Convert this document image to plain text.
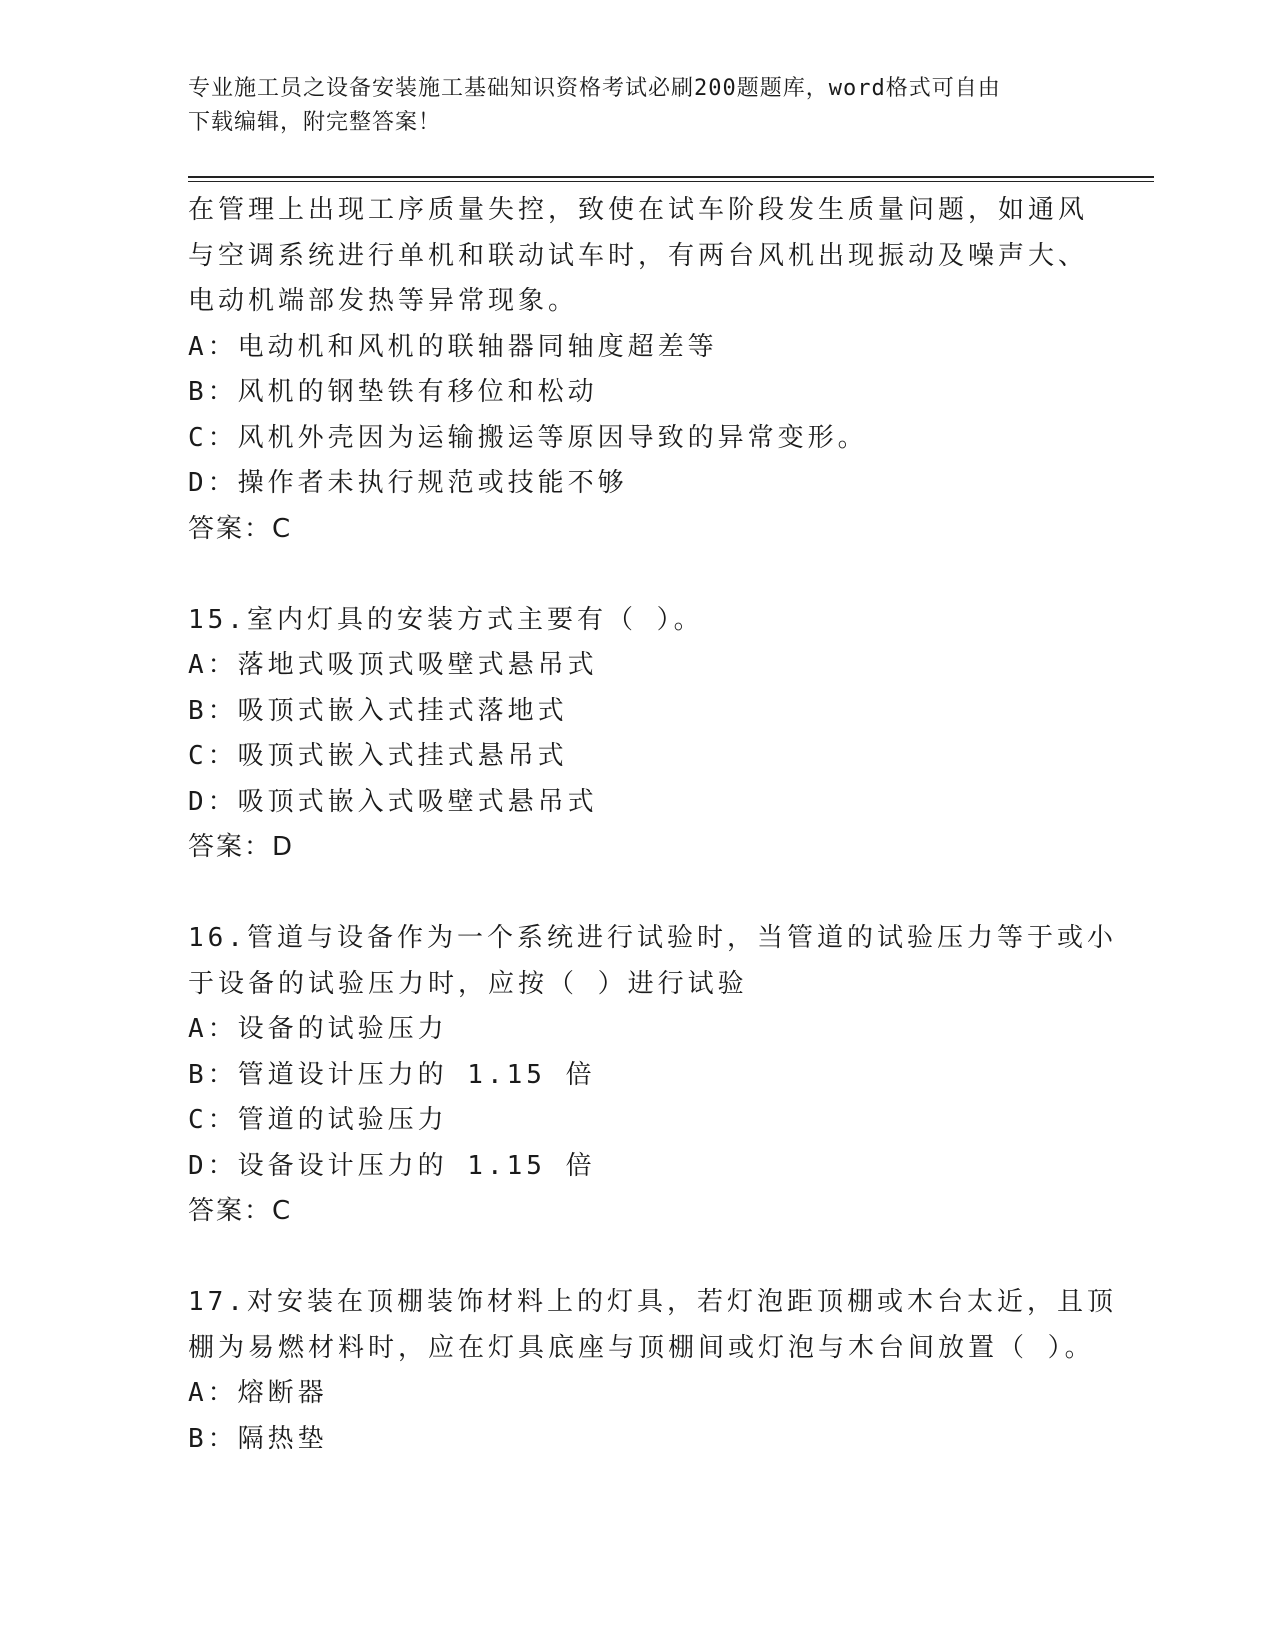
专业施工员之设备安装施工基础知识资格考试必刷200题题库，word格式可自由
下载编辑，附完整答案！
在管理上出现工序质量失控，致使在试车阶段发生质量问题，如通风
与空调系统进行单机和联动试车时，有两台风机出现振动及噪声大、
电动机端部发热等异常现象。
A：电动机和风机的联轴器同轴度超差等
B：风机的钢垫铁有移位和松动
C：风机外壳因为运输搬运等原因导致的异常变形。
D：操作者未执行规范或技能不够
答案：C
15.室内灯具的安装方式主要有（ ）。
A：落地式吸顶式吸壁式悬吊式
B：吸顶式嵌入式挂式落地式
C：吸顶式嵌入式挂式悬吊式
D：吸顶式嵌入式吸壁式悬吊式
答案：D
16.管道与设备作为一个系统进行试验时，当管道的试验压力等于或小
于设备的试验压力时，应按（ ）进行试验
A：设备的试验压力
B：管道设计压力的 1.15 倍
C：管道的试验压力
D：设备设计压力的 1.15 倍
答案：C
17.对安装在顶棚装饰材料上的灯具，若灯泡距顶棚或木台太近，且顶
棚为易燃材料时，应在灯具底座与顶棚间或灯泡与木台间放置（ ）。
A：熔断器
B：隔热垫
